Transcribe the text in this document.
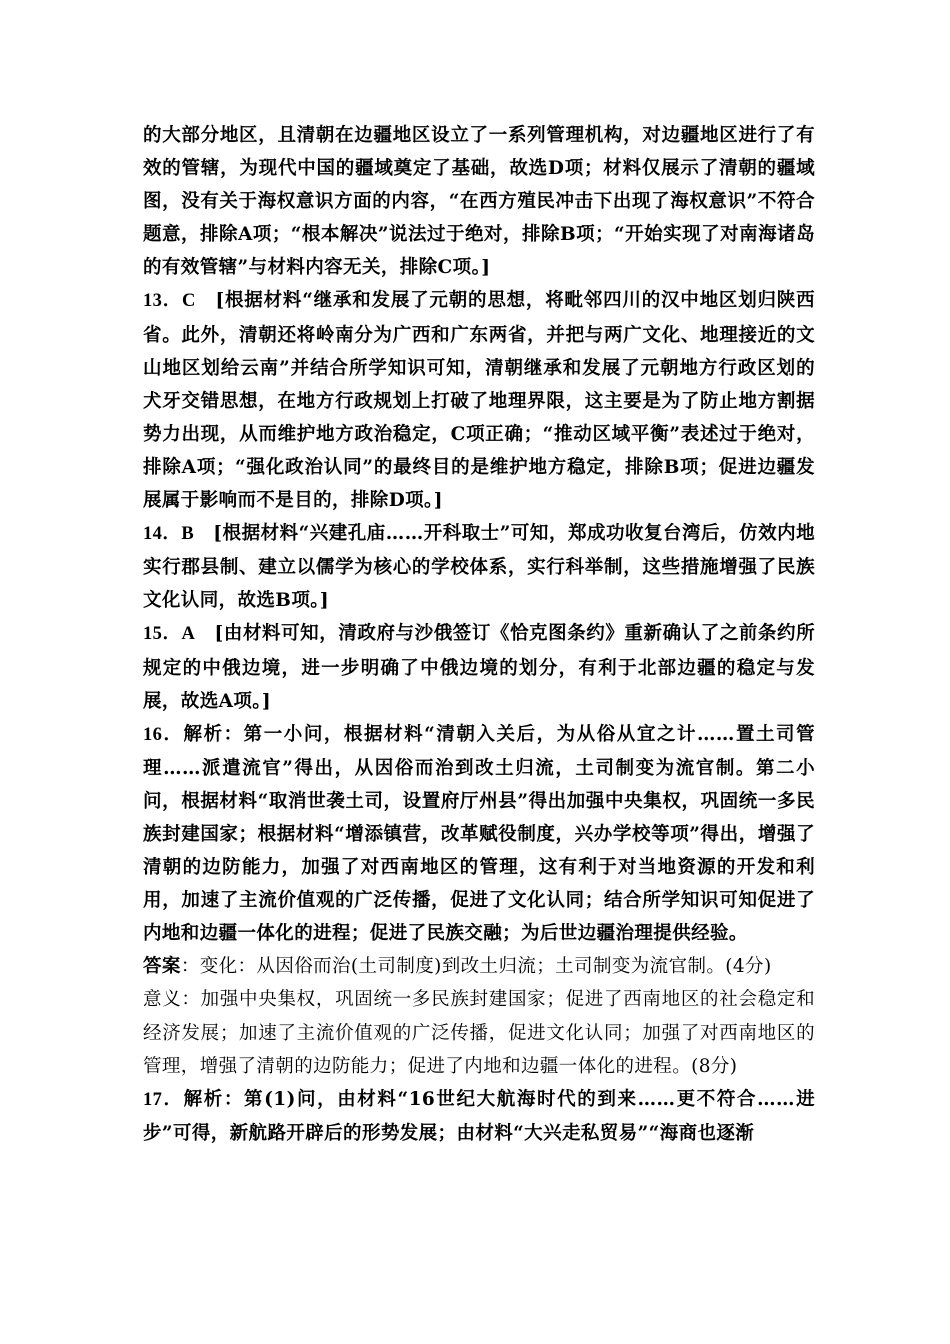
的大部分地区，且清朝在边疆地区设立了一系列管理机构，对边疆地区进行了有效的管辖，为现代中国的疆域奠定了基础，故选D项；材料仅展示了清朝的疆域图，没有关于海权意识方面的内容，“在西方殖民冲击下出现了海权意识”不符合题意，排除A项；“根本解决”说法过于绝对，排除B项；“开始实现了对南海诸岛的有效管辖”与材料内容无关，排除C项。]

13．C　[根据材料“继承和发展了元朝的思想，将毗邻四川的汉中地区划归陕西省。此外，清朝还将岭南分为广西和广东两省，并把与两广文化、地理接近的文山地区划给云南”并结合所学知识可知，清朝继承和发展了元朝地方行政区划的犬牙交错思想，在地方行政规划上打破了地理界限，这主要是为了防止地方割据势力出现，从而维护地方政治稳定，C项正确；“推动区域平衡”表述过于绝对，排除A项；“强化政治认同”的最终目的是维护地方稳定，排除B项；促进边疆发展属于影响而不是目的，排除D项。]

14．B　[根据材料“兴建孔庙……开科取士”可知，郑成功收复台湾后，仿效内地实行郡县制、建立以儒学为核心的学校体系，实行科举制，这些措施增强了民族文化认同，故选B项。]

15．A　[由材料可知，清政府与沙俄签订《恰克图条约》重新确认了之前条约所规定的中俄边境，进一步明确了中俄边境的划分，有利于北部边疆的稳定与发展，故选A项。]

16．解析：第一小问，根据材料“清朝入关后，为从俗从宜之计……置土司管理……派遣流官”得出，从因俗而治到改土归流，土司制变为流官制。第二小问，根据材料“取消世袭土司，设置府厅州县”得出加强中央集权，巩固统一多民族封建国家；根据材料“增添镇营，改革赋役制度，兴办学校等项”得出，增强了清朝的边防能力，加强了对西南地区的管理，这有利于对当地资源的开发和利用，加速了主流价值观的广泛传播，促进了文化认同；结合所学知识可知促进了内地和边疆一体化的进程；促进了民族交融；为后世边疆治理提供经验。

答案：变化：从因俗而治(土司制度)到改土归流；土司制变为流官制。(4分)

意义：加强中央集权，巩固统一多民族封建国家；促进了西南地区的社会稳定和经济发展；加速了主流价值观的广泛传播，促进文化认同；加强了对西南地区的管理，增强了清朝的边防能力；促进了内地和边疆一体化的进程。(8分)

17．解析：第(1)问，由材料“16世纪大航海时代的到来……更不符合……进步”可得，新航路开辟后的形势发展；由材料“大兴走私贸易”“海商也逐渐
